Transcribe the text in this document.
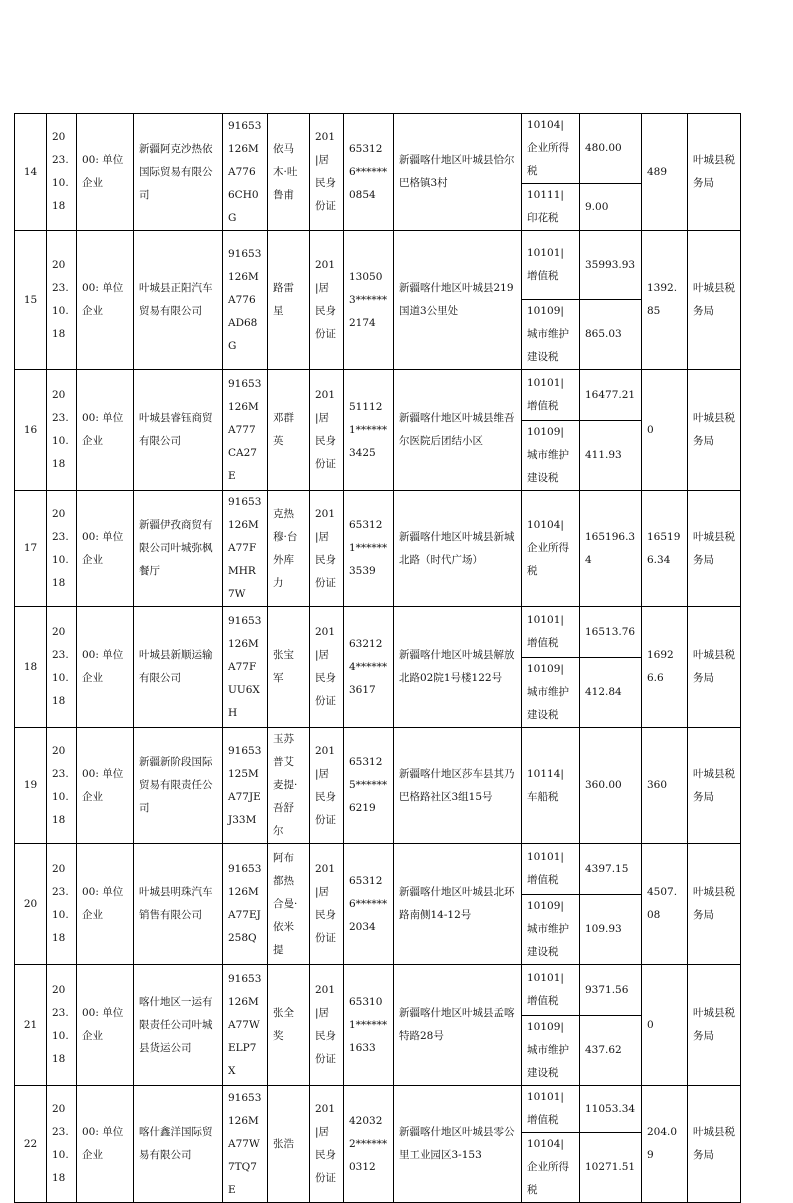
14	2023.10.18	00: 单位企业	新疆阿克沙热依国际贸易有限公司	91653126MA7766CH0G	依马木·吐鲁甫	201|居民身份证	653126******0854	新疆喀什地区叶城县恰尔巴格镇3村	10104|企业所得税	480.00	489	叶城县税务局
									10111|印花税	9.00		
15	2023.10.18	00: 单位企业	叶城县正阳汽车贸易有限公司	91653126MA776AD68G	路雷星	201|居民身份证	130503******2174	新疆喀什地区叶城县219国道3公里处	10101|增值税	35993.93	1392.85	叶城县税务局
									10109|城市维护建设税	865.03		
16	2023.10.18	00: 单位企业	叶城县睿钰商贸有限公司	91653126MA777CA27E	邓群英	201|居民身份证	511121******3425	新疆喀什地区叶城县维吾尔医院后团结小区	10101|增值税	16477.21	0	叶城县税务局
									10109|城市维护建设税	411.93		
17	2023.10.18	00: 单位企业	新疆伊孜商贸有限公司叶城弥枫餐厅	91653126MA77FMHR7W	克热穆·台外库力	201|居民身份证	653121******3539	新疆喀什地区叶城县新城北路（时代广场）	10104|企业所得税	165196.34	165196.34	叶城县税务局
18	2023.10.18	00: 单位企业	叶城县新顺运输有限公司	91653126MA77FUU6XH	张宝军	201|居民身份证	632124******3617	新疆喀什地区叶城县解放北路02院1号楼122号	10101|增值税	16513.76	16926.6	叶城县税务局
									10109|城市维护建设税	412.84		
19	2023.10.18	00: 单位企业	新疆新阶段国际贸易有限责任公司	91653125MA77JEJ33M	玉苏普艾麦提·吾舒尔	201|居民身份证	653125******6219	新疆喀什地区莎车县其乃巴格路社区3组15号	10114|车船税	360.00	360	叶城县税务局
20	2023.10.18	00: 单位企业	叶城县明珠汽车销售有限公司	91653126MA77EJ258Q	阿布都热合曼·依米提	201|居民身份证	653126******2034	新疆喀什地区叶城县北环路南侧14-12号	10101|增值税	4397.15	4507.08	叶城县税务局
									10109|城市维护建设税	109.93		
21	2023.10.18	00: 单位企业	喀什地区一运有限责任公司叶城县货运公司	91653126MA77WELP7X	张全奖	201|居民身份证	653101******1633	新疆喀什地区叶城县孟喀特路28号	10101|增值税	9371.56	0	叶城县税务局
									10109|城市维护建设税	437.62		
22	2023.10.18	00: 单位企业	喀什鑫洋国际贸易有限公司	91653126MA77W7TQ7E	张浩	201|居民身份证	420322******0312	新疆喀什地区叶城县零公里工业园区3-153	10101|增值税	11053.34	204.09	叶城县税务局
									10104|企业所得税	10271.51		
